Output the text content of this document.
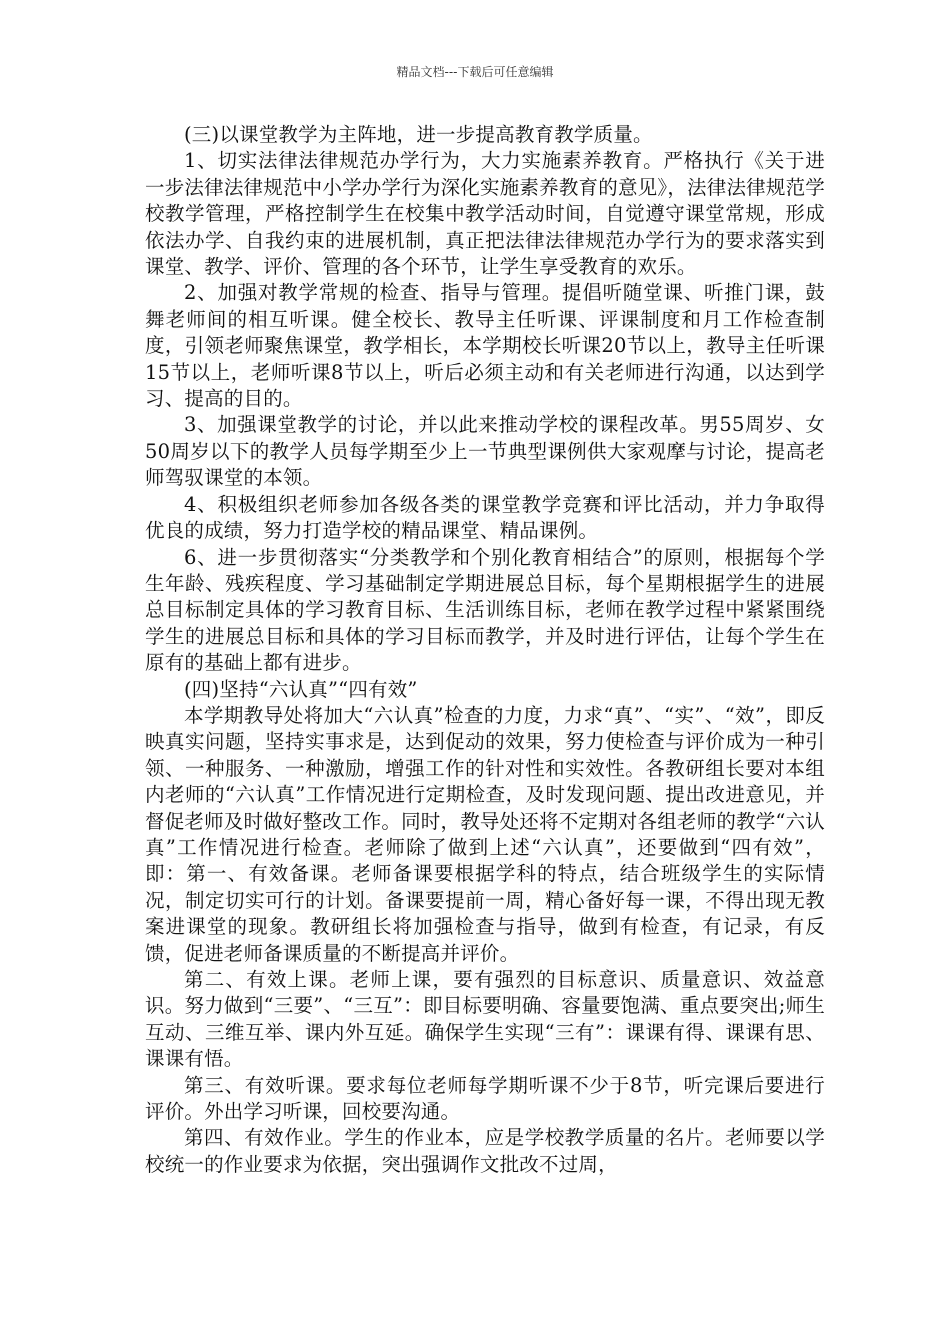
精品文档---下载后可任意编辑

(三)以课堂教学为主阵地，进一步提高教育教学质量。

1、切实法律法律规范办学行为，大力实施素养教育。严格执行《关于进一步法律法律规范中小学办学行为深化实施素养教育的意见》，法律法律规范学校教学管理，严格控制学生在校集中教学活动时间，自觉遵守课堂常规，形成依法办学、自我约束的进展机制，真正把法律法律规范办学行为的要求落实到课堂、教学、评价、管理的各个环节，让学生享受教育的欢乐。

2、加强对教学常规的检查、指导与管理。提倡听随堂课、听推门课，鼓舞老师间的相互听课。健全校长、教导主任听课、评课制度和月工作检查制度，引领老师聚焦课堂，教学相长，本学期校长听课20节以上，教导主任听课15节以上，老师听课8节以上，听后必须主动和有关老师进行沟通，以达到学习、提高的目的。

3、加强课堂教学的讨论，并以此来推动学校的课程改革。男55周岁、女50周岁以下的教学人员每学期至少上一节典型课例供大家观摩与讨论，提高老师驾驭课堂的本领。

4、积极组织老师参加各级各类的课堂教学竞赛和评比活动，并力争取得优良的成绩，努力打造学校的精品课堂、精品课例。

6、进一步贯彻落实“分类教学和个别化教育相结合”的原则，根据每个学生年龄、残疾程度、学习基础制定学期进展总目标，每个星期根据学生的进展总目标制定具体的学习教育目标、生活训练目标，老师在教学过程中紧紧围绕学生的进展总目标和具体的学习目标而教学，并及时进行评估，让每个学生在原有的基础上都有进步。

(四)坚持“六认真”“四有效”

本学期教导处将加大“六认真”检查的力度，力求“真”、“实”、“效”，即反映真实问题，坚持实事求是，达到促动的效果，努力使检查与评价成为一种引领、一种服务、一种激励，增强工作的针对性和实效性。各教研组长要对本组内老师的“六认真”工作情况进行定期检查，及时发现问题、提出改进意见，并督促老师及时做好整改工作。同时，教导处还将不定期对各组老师的教学“六认真”工作情况进行检查。老师除了做到上述“六认真”，还要做到“四有效”，即：第一、有效备课。老师备课要根据学科的特点，结合班级学生的实际情况，制定切实可行的计划。备课要提前一周，精心备好每一课，不得出现无教案进课堂的现象。教研组长将加强检查与指导，做到有检查，有记录，有反馈，促进老师备课质量的不断提高并评价。

第二、有效上课。老师上课，要有强烈的目标意识、质量意识、效益意识。努力做到“三要”、“三互”：即目标要明确、容量要饱满、重点要突出;师生互动、三维互举、课内外互延。确保学生实现“三有”：课课有得、课课有思、课课有悟。

第三、有效听课。要求每位老师每学期听课不少于8节，听完课后要进行评价。外出学习听课，回校要沟通。

第四、有效作业。学生的作业本，应是学校教学质量的名片。老师要以学校统一的作业要求为依据，突出强调作文批改不过周，
